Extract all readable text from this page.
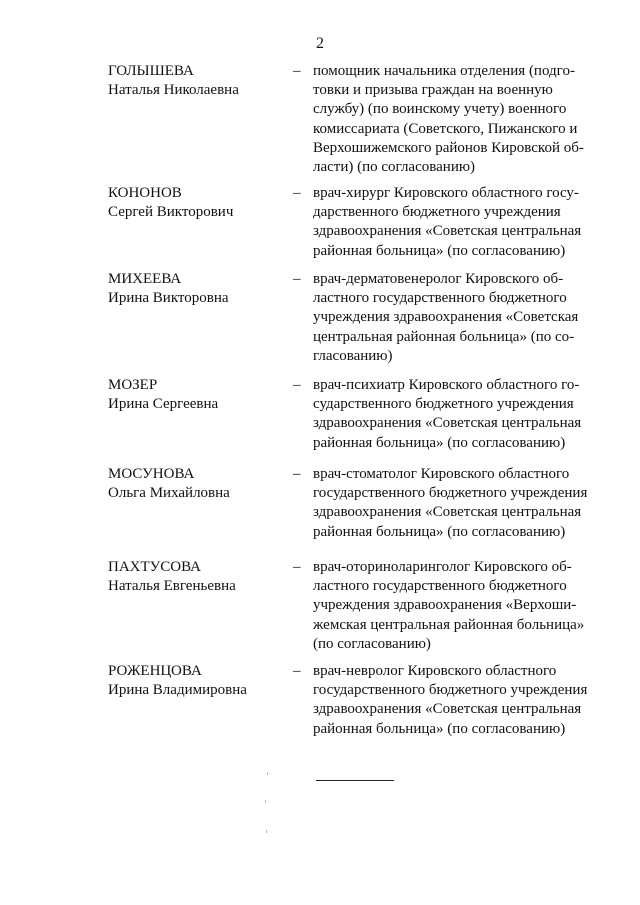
2
ГОЛЫШЕВА
Наталья Николаевна
– помощник начальника отделения (подго-
товки и призыва граждан на военную
службу) (по воинскому учету) военного
комиссариата (Советского, Пижанского и
Верхошижемского районов Кировской об-
ласти) (по согласованию)
КОНОНОВ
Сергей Викторович
– врач-хирург Кировского областного госу-
дарственного бюджетного учреждения
здравоохранения «Советская центральная
районная больница» (по согласованию)
МИХЕЕВА
Ирина Викторовна
– врач-дерматовенеролог Кировского об-
ластного государственного бюджетного
учреждения здравоохранения «Советская
центральная районная больница» (по со-
гласованию)
МОЗЕР
Ирина Сергеевна
– врач-психиатр Кировского областного го-
сударственного бюджетного учреждения
здравоохранения «Советская центральная
районная больница» (по согласованию)
МОСУНОВА
Ольга Михайловна
– врач-стоматолог Кировского областного
государственного бюджетного учреждения
здравоохранения «Советская центральная
районная больница» (по согласованию)
ПАХТУСОВА
Наталья Евгеньевна
– врач-оториноларинголог Кировского об-
ластного государственного бюджетного
учреждения здравоохранения «Верхоши-
жемская центральная районная больница»
(по согласованию)
РОЖЕНЦОВА
Ирина Владимировна
– врач-невролог Кировского областного
государственного бюджетного учреждения
здравоохранения «Советская центральная
районная больница» (по согласованию)
